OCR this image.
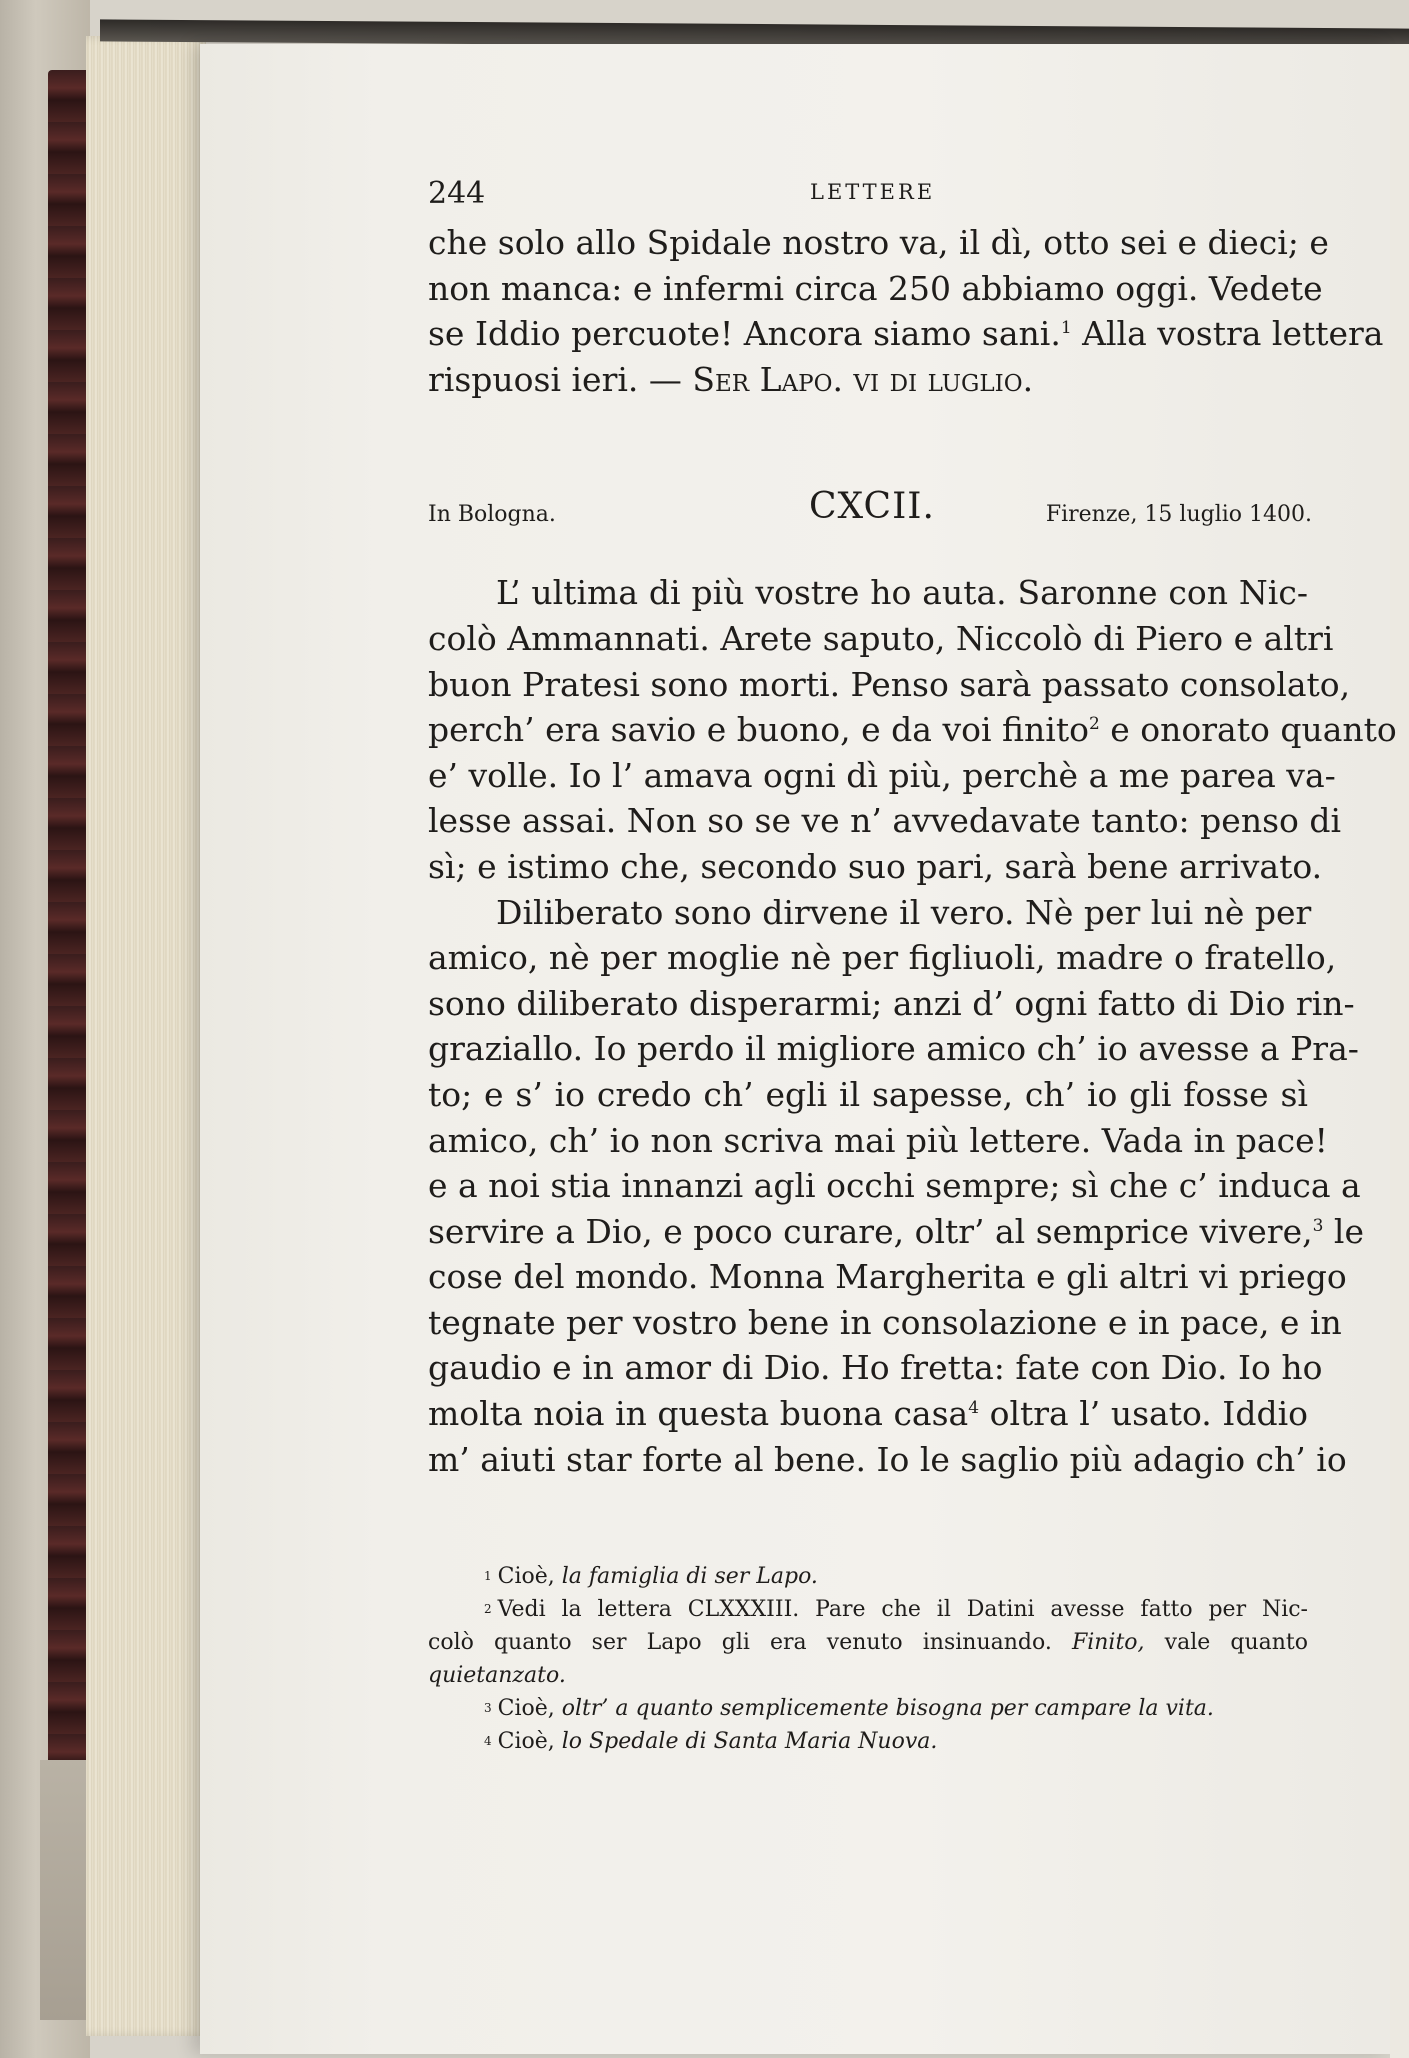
244	LETTERE
che solo allo Spidale nostro va, il dì, otto sei e dieci; e
non manca: e infermi circa 250 abbiamo oggi. Vedete
se Iddio percuote! Ancora siamo sani.$^1$ Alla vostra lettera
rispuosi ieri. — Ser Lapo. vi di luglio.
In Bologna.	CXCII.	Firenze, 15 luglio 1400.
L’ ultima di più vostre ho auta. Saronne con Nic-
colò Ammannati. Arete saputo, Niccolò di Piero e altri
buon Pratesi sono morti. Penso sarà passato consolato,
perch’ era savio e buono, e da voi finito$^2$ e onorato quanto
e’ volle. Io l’ amava ogni dì più, perchè a me parea va-
lesse assai. Non so se ve n’ avvedavate tanto: penso di
sì; e istimo che, secondo suo pari, sarà bene arrivato.
Diliberato sono dirvene il vero. Nè per lui nè per
amico, nè per moglie nè per figliuoli, madre o fratello,
sono diliberato disperarmi; anzi d’ ogni fatto di Dio rin-
graziallo. Io perdo il migliore amico ch’ io avesse a Pra-
to; e s’ io credo ch’ egli il sapesse, ch’ io gli fosse sì
amico, ch’ io non scriva mai più lettere. Vada in pace!
e a noi stia innanzi agli occhi sempre; sì che c’ induca a
servire a Dio, e poco curare, oltr’ al semprice vivere,$^3$ le
cose del mondo. Monna Margherita e gli altri vi priego
tegnate per vostro bene in consolazione e in pace, e in
gaudio e in amor di Dio. Ho fretta: fate con Dio. Io ho
molta noia in questa buona casa$^4$ oltra l’ usato. Iddio
m’ aiuti star forte al bene. Io le saglio più adagio ch’ io
1 Cioè, la famiglia di ser Lapo.
2 Vedi la lettera CLXXXIII. Pare che il Datini avesse fatto per Nic-
colò quanto ser Lapo gli era venuto insinuando. Finito, vale quanto
quietanzato.
3 Cioè, oltr’ a quanto semplicemente bisogna per campare la vita.
4 Cioè, lo Spedale di Santa Maria Nuova.
